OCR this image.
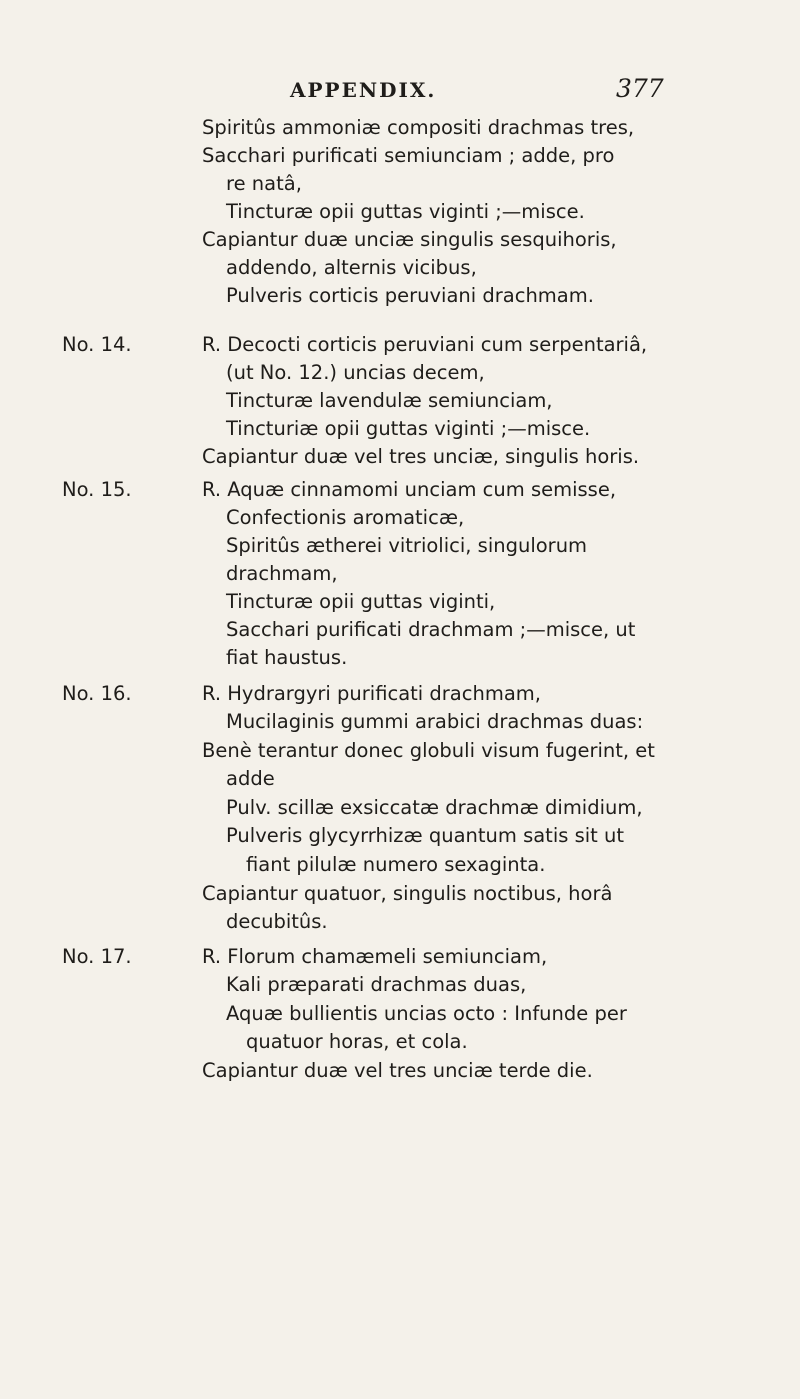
APPENDIX.	377
Spiritûs ammoniæ compositi drachmas tres,
Sacchari purificati semiunciam ; adde, pro
re natâ,
Tincturæ opii guttas viginti ;—misce.
Capiantur duæ unciæ singulis sesquihoris,
addendo, alternis vicibus,
Pulveris corticis peruviani drachmam.
No. 14.	R. Decocti corticis peruviani cum serpentariâ,
(ut No. 12.) uncias decem,
Tincturæ lavendulæ semiunciam,
Tincturiæ opii guttas viginti ;—misce.
Capiantur duæ vel tres unciæ, singulis horis.
No. 15.	R. Aquæ cinnamomi unciam cum semisse,
Confectionis aromaticæ,
Spiritûs ætherei vitriolici, singulorum
drachmam,
Tincturæ opii guttas viginti,
Sacchari purificati drachmam ;—misce, ut
fiat haustus.
No. 16.	R. Hydrargyri purificati drachmam,
Mucilaginis gummi arabici drachmas duas:
Benè terantur donec globuli visum fugerint, et
adde
Pulv. scillæ exsiccatæ drachmæ dimidium,
Pulveris glycyrrhizæ quantum satis sit ut
fiant pilulæ numero sexaginta.
Capiantur quatuor, singulis noctibus, horâ
decubitûs.
No. 17.	R. Florum chamæmeli semiunciam,
Kali præparati drachmas duas,
Aquæ bullientis uncias octo : Infunde per
quatuor horas, et cola.
Capiantur duæ vel tres unciæ terde die.
